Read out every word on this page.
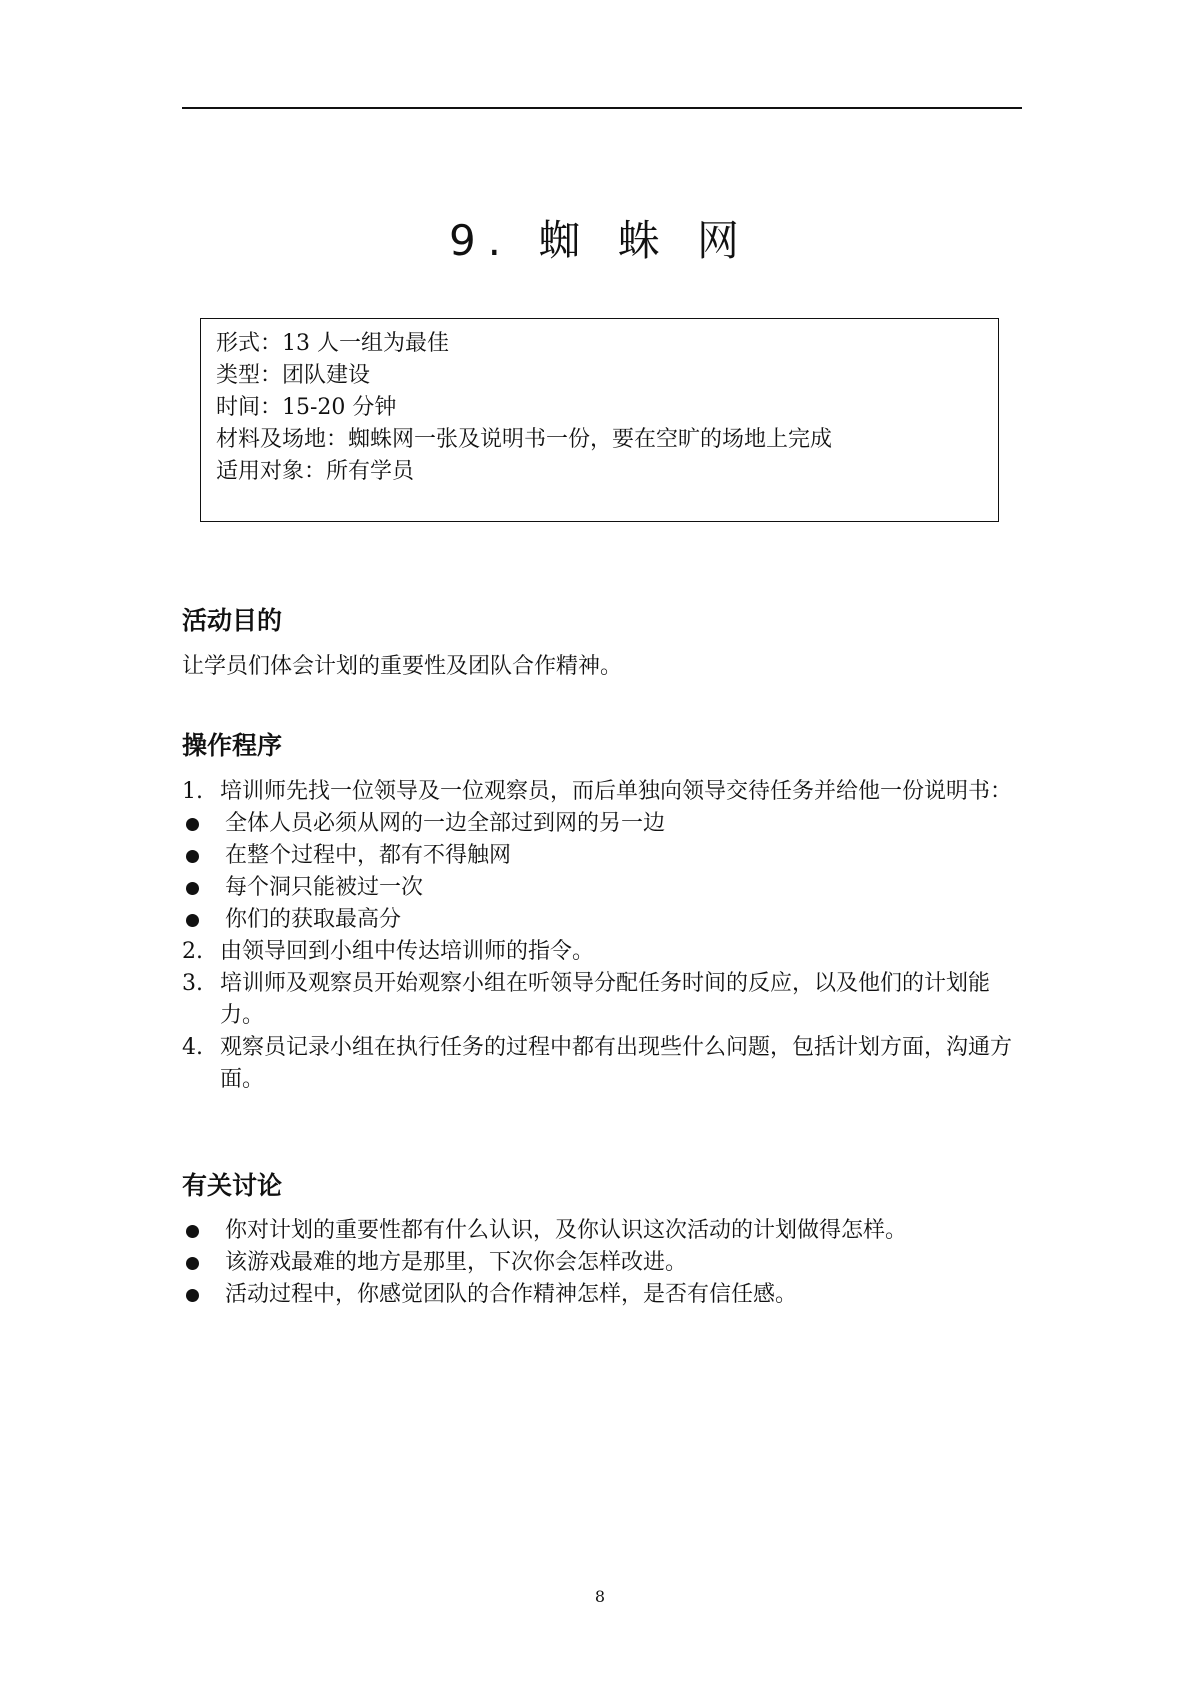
9. 蜘 蛛 网
形式：13 人一组为最佳
类型：团队建设
时间：15-20 分钟
材料及场地：蜘蛛网一张及说明书一份，要在空旷的场地上完成
适用对象：所有学员
活动目的

让学员们体会计划的重要性及团队合作精神。

操作程序
1. 培训师先找一位领导及一位观察员，而后单独向领导交待任务并给他一份说明书：
全体人员必须从网的一边全部过到网的另一边
在整个过程中，都有不得触网
每个洞只能被过一次
你们的获取最高分
2. 由领导回到小组中传达培训师的指令。
3. 培训师及观察员开始观察小组在听领导分配任务时间的反应，以及他们的计划能力。
4. 观察员记录小组在执行任务的过程中都有出现些什么问题，包括计划方面，沟通方面。
有关讨论
你对计划的重要性都有什么认识，及你认识这次活动的计划做得怎样。
该游戏最难的地方是那里，下次你会怎样改进。
活动过程中，你感觉团队的合作精神怎样，是否有信任感。
8
